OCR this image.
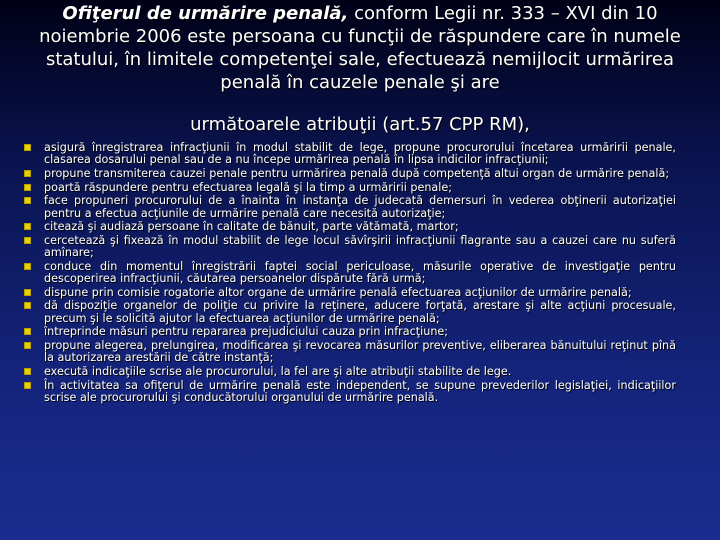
Ofiţerul de urmărire penală, conform Legii nr. 333 – XVI din 10 noiembrie 2006 este persoana cu funcţii de răspundere care în numele statului, în limitele competenţei sale, efectuează nemijlocit urmărirea penală în cauzele penale şi are
următoarele atribuţii (art.57 CPP RM),
asigură înregistrarea infracţiunii în modul stabilit de lege, propune procurorului încetarea urmăririi penale, clasarea dosarului penal sau de a nu începe urmărirea penală în lipsa indicilor infracţiunii;
propune transmiterea cauzei penale pentru urmărirea penală după competenţă altui organ de urmărire penală;
poartă răspundere pentru efectuarea legală şi la timp a urmăririi penale;
face propuneri procurorului de a înainta în instanţa de judecată demersuri în vederea obţinerii autorizaţiei pentru a efectua acţiunile de urmărire penală care necesită autorizaţie;
citează şi audiază persoane în calitate de bănuit, parte vătămată, martor;
cercetează şi fixează în modul stabilit de lege locul săvîrşirii infracţiunii flagrante sau a cauzei care nu suferă amînare;
conduce din momentul înregistrării faptei social periculoase, măsurile operative de investigaţie pentru descoperirea infracţiunii, căutarea persoanelor dispărute fără urmă;
dispune prin comisie rogatorie altor organe de urmărire penală efectuarea acţiunilor de urmărire penală;
dă dispoziţie organelor de poliţie cu privire la reţinere, aducere forţată, arestare şi alte acţiuni procesuale, precum şi le solicită ajutor la efectuarea acţiunilor de urmărire penală;
întreprinde măsuri pentru repararea prejudiciului cauza prin infracţiune;
propune alegerea, prelungirea, modificarea şi revocarea măsurilor preventive, eliberarea bănuitului reţinut pînă la autorizarea arestării de către instanţă;
execută indicaţiile scrise ale procurorului, la fel are şi alte atribuţii stabilite de lege.
În activitatea sa ofiţerul de urmărire penală este independent, se supune prevederilor legislaţiei, indicaţiilor scrise ale procurorului şi conducătorului organului de urmărire penală.
